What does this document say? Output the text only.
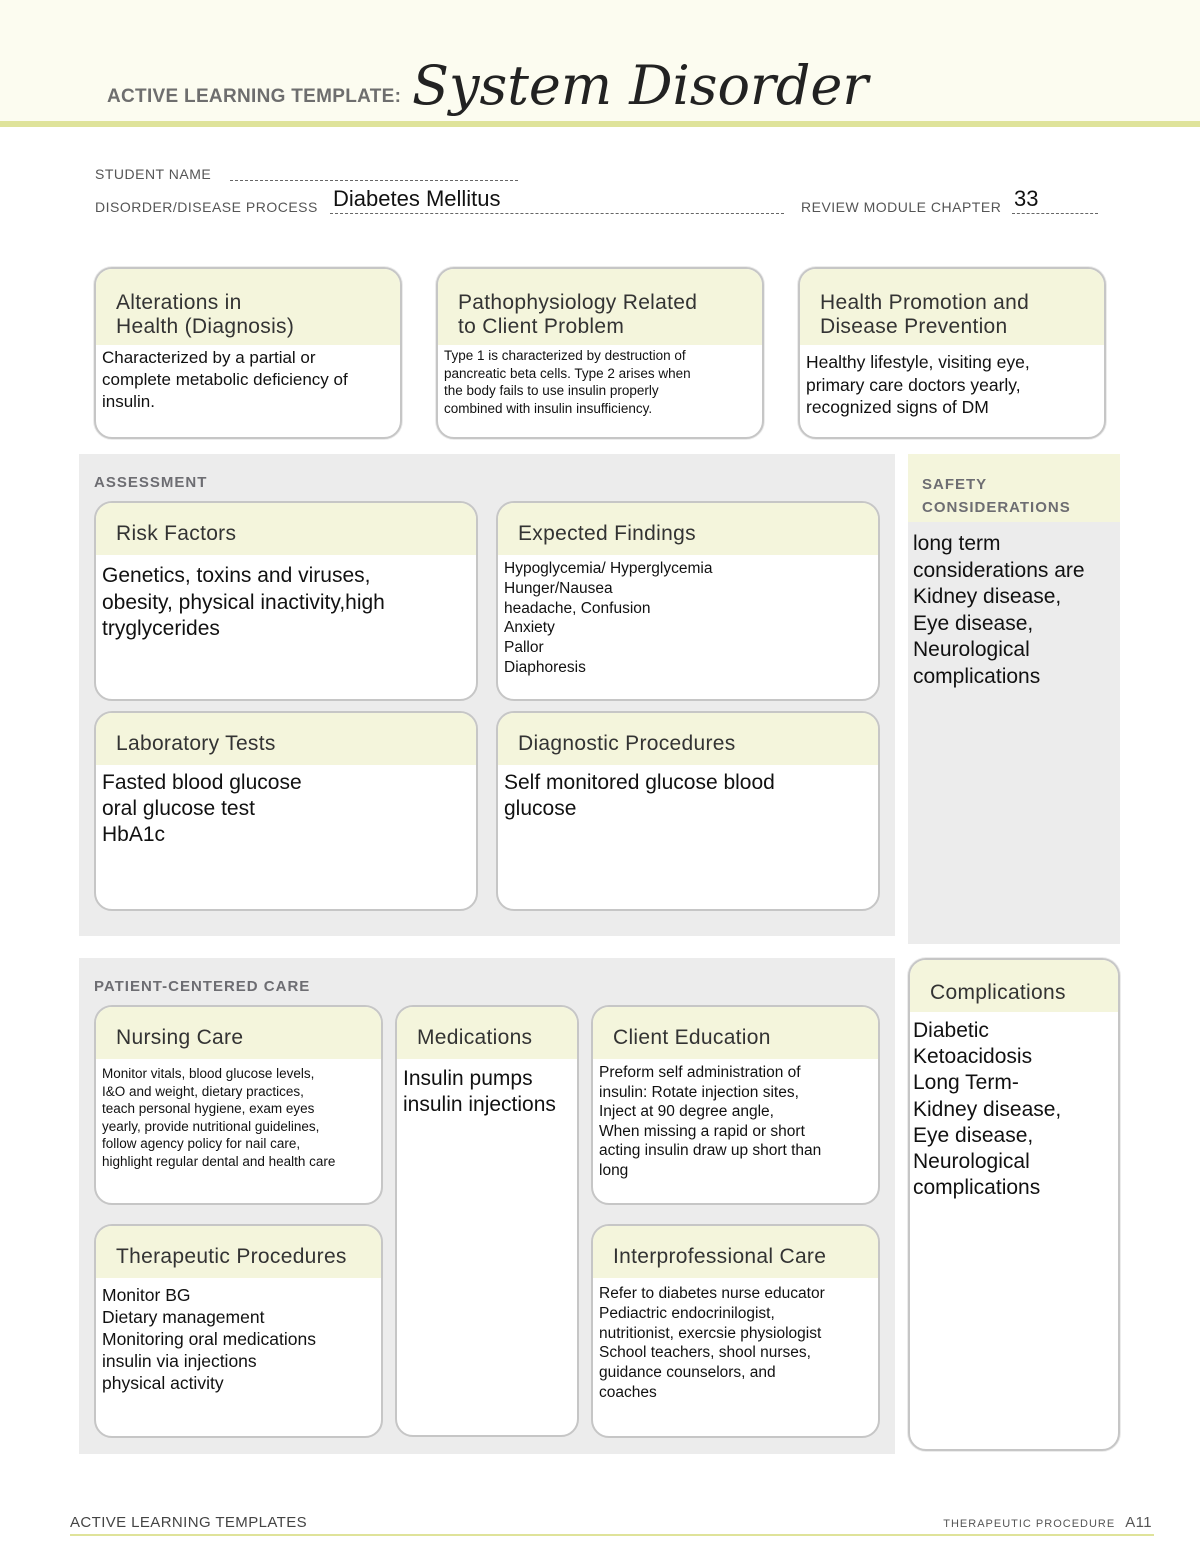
ACTIVE LEARNING TEMPLATE: System Disorder
STUDENT NAME
DISORDER/DISEASE PROCESS Diabetes Mellitus	REVIEW MODULE CHAPTER 33
Alterations in
Health (Diagnosis)
Characterized by a partial or
complete metabolic deficiency of
insulin.
Pathophysiology Related
to Client Problem
Type 1 is characterized by destruction of
pancreatic beta cells. Type 2 arises when
the body fails to use insulin properly
combined with insulin insufficiency.
Health Promotion and
Disease Prevention
Healthy lifestyle, visiting eye,
primary care doctors yearly,
recognized signs of DM
ASSESSMENT
Risk Factors
Genetics, toxins and viruses,
obesity, physical inactivity,high
tryglycerides
Expected Findings
Hypoglycemia/ Hyperglycemia
Hunger/Nausea
headache, Confusion
Anxiety
Pallor
Diaphoresis
Laboratory Tests
Fasted blood glucose
oral glucose test
HbA1c
Diagnostic Procedures
Self monitored glucose blood
glucose
SAFETY
CONSIDERATIONS
long term
considerations are
Kidney disease,
Eye disease,
Neurological
complications
PATIENT-CENTERED CARE
Nursing Care
Monitor vitals, blood glucose levels,
I&O and weight, dietary practices,
teach personal hygiene, exam eyes
yearly, provide nutritional guidelines,
follow agency policy for nail care,
highlight regular dental and health care
Medications
Insulin pumps
insulin injections
Client Education
Preform self administration of
insulin: Rotate injection sites,
Inject at 90 degree angle,
When missing a rapid or short
acting insulin draw up short than
long
Therapeutic Procedures
Monitor BG
Dietary management
Monitoring oral medications
insulin via injections
physical activity
Interprofessional Care
Refer to diabetes nurse educator
Pediactric endocrinilogist,
nutritionist, exercsie physiologist
School teachers, shool nurses,
guidance counselors, and
coaches
Complications
Diabetic
Ketoacidosis
Long Term-
Kidney disease,
Eye disease,
Neurological
complications
ACTIVE LEARNING TEMPLATES	THERAPEUTIC PROCEDURE A11
